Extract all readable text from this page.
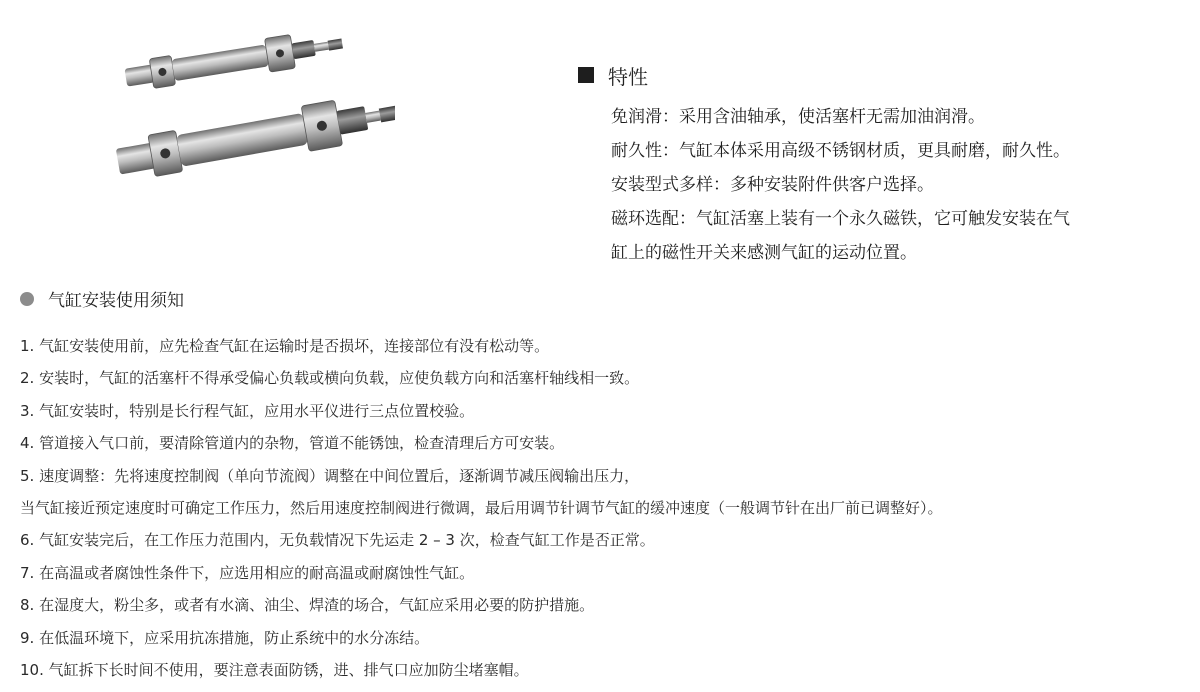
特性
免润滑：采用含油轴承，使活塞杆无需加油润滑。
耐久性：气缸本体采用高级不锈钢材质，更具耐磨，耐久性。
安装型式多样：多种安装附件供客户选择。
磁环选配：气缸活塞上装有一个永久磁铁，它可触发安装在气
缸上的磁性开关来感测气缸的运动位置。
气缸安装使用须知
1. 气缸安装使用前，应先检查气缸在运输时是否损坏，连接部位有没有松动等。
2. 安装时，气缸的活塞杆不得承受偏心负载或横向负载，应使负载方向和活塞杆轴线相一致。
3. 气缸安装时，特别是长行程气缸，应用水平仪进行三点位置校验。
4. 管道接入气口前，要清除管道内的杂物，管道不能锈蚀，检查清理后方可安装。
5. 速度调整：先将速度控制阀（单向节流阀）调整在中间位置后，逐渐调节减压阀输出压力，
当气缸接近预定速度时可确定工作压力，然后用速度控制阀进行微调，最后用调节针调节气缸的缓冲速度（一般调节针在出厂前已调整好）。
6. 气缸安装完后，在工作压力范围内，无负载情况下先运走 2 – 3 次，检查气缸工作是否正常。
7. 在高温或者腐蚀性条件下，应选用相应的耐高温或耐腐蚀性气缸。
8. 在湿度大，粉尘多，或者有水滴、油尘、焊渣的场合，气缸应采用必要的防护措施。
9. 在低温环境下，应采用抗冻措施，防止系统中的水分冻结。
10. 气缸拆下长时间不使用，要注意表面防锈，进、排气口应加防尘堵塞帽。
